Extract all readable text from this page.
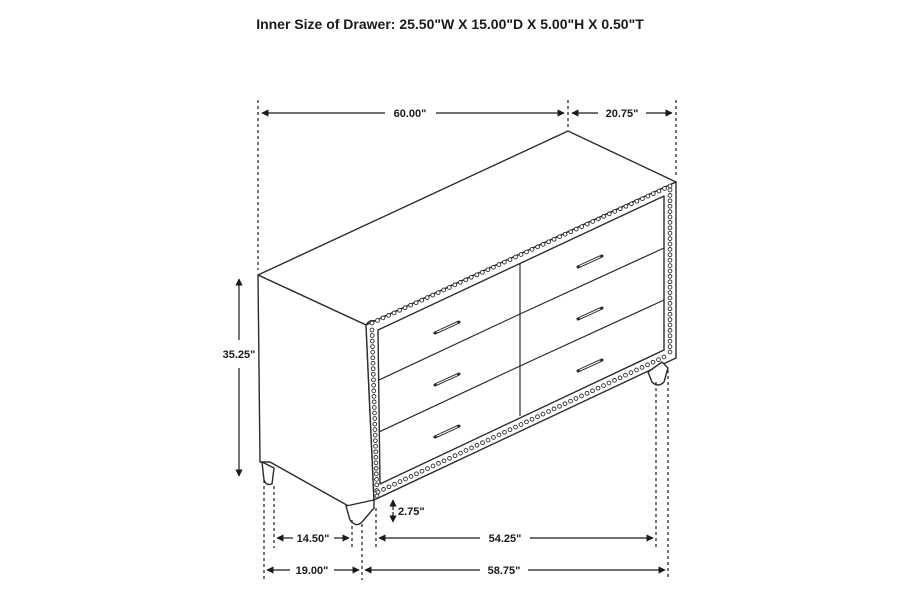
Inner Size of Drawer: 25.50"W X 15.00"D X 5.00"H X 0.50"T
60.00"	20.75"
35.25"
2.75"
14.50"	54.25"
19.00"	58.75"
